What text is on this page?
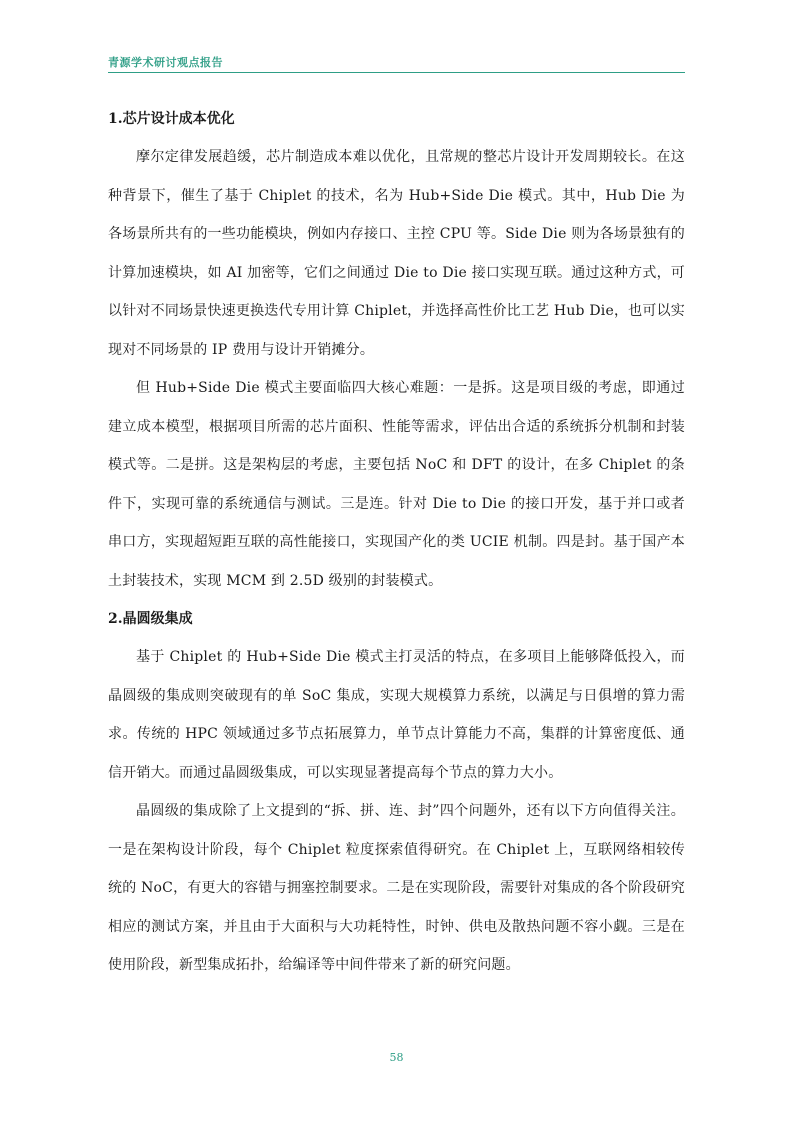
青源学术研讨观点报告
1.芯片设计成本优化

摩尔定律发展趋缓，芯片制造成本难以优化，且常规的整芯片设计开发周期较长。在这种背景下，催生了基于 Chiplet 的技术，名为 Hub+Side Die 模式。其中，Hub Die 为各场景所共有的一些功能模块，例如内存接口、主控 CPU 等。Side Die 则为各场景独有的计算加速模块，如 AI 加密等，它们之间通过 Die to Die 接口实现互联。通过这种方式，可以针对不同场景快速更换迭代专用计算 Chiplet，并选择高性价比工艺 Hub Die，也可以实现对不同场景的 IP 费用与设计开销摊分。

但 Hub+Side Die 模式主要面临四大核心难题：一是拆。这是项目级的考虑，即通过建立成本模型，根据项目所需的芯片面积、性能等需求，评估出合适的系统拆分机制和封装模式等。二是拼。这是架构层的考虑，主要包括 NoC 和 DFT 的设计，在多 Chiplet 的条件下，实现可靠的系统通信与测试。三是连。针对 Die to Die 的接口开发，基于并口或者串口方，实现超短距互联的高性能接口，实现国产化的类 UCIE 机制。四是封。基于国产本土封装技术，实现 MCM 到 2.5D 级别的封装模式。

2.晶圆级集成

基于 Chiplet 的 Hub+Side Die 模式主打灵活的特点，在多项目上能够降低投入，而晶圆级的集成则突破现有的单 SoC 集成，实现大规模算力系统，以满足与日俱增的算力需求。传统的 HPC 领域通过多节点拓展算力，单节点计算能力不高，集群的计算密度低、通信开销大。而通过晶圆级集成，可以实现显著提高每个节点的算力大小。

晶圆级的集成除了上文提到的“拆、拼、连、封”四个问题外，还有以下方向值得关注。一是在架构设计阶段，每个 Chiplet 粒度探索值得研究。在 Chiplet 上，互联网络相较传统的 NoC，有更大的容错与拥塞控制要求。二是在实现阶段，需要针对集成的各个阶段研究相应的测试方案，并且由于大面积与大功耗特性，时钟、供电及散热问题不容小觑。三是在使用阶段，新型集成拓扑，给编译等中间件带来了新的研究问题。

58
